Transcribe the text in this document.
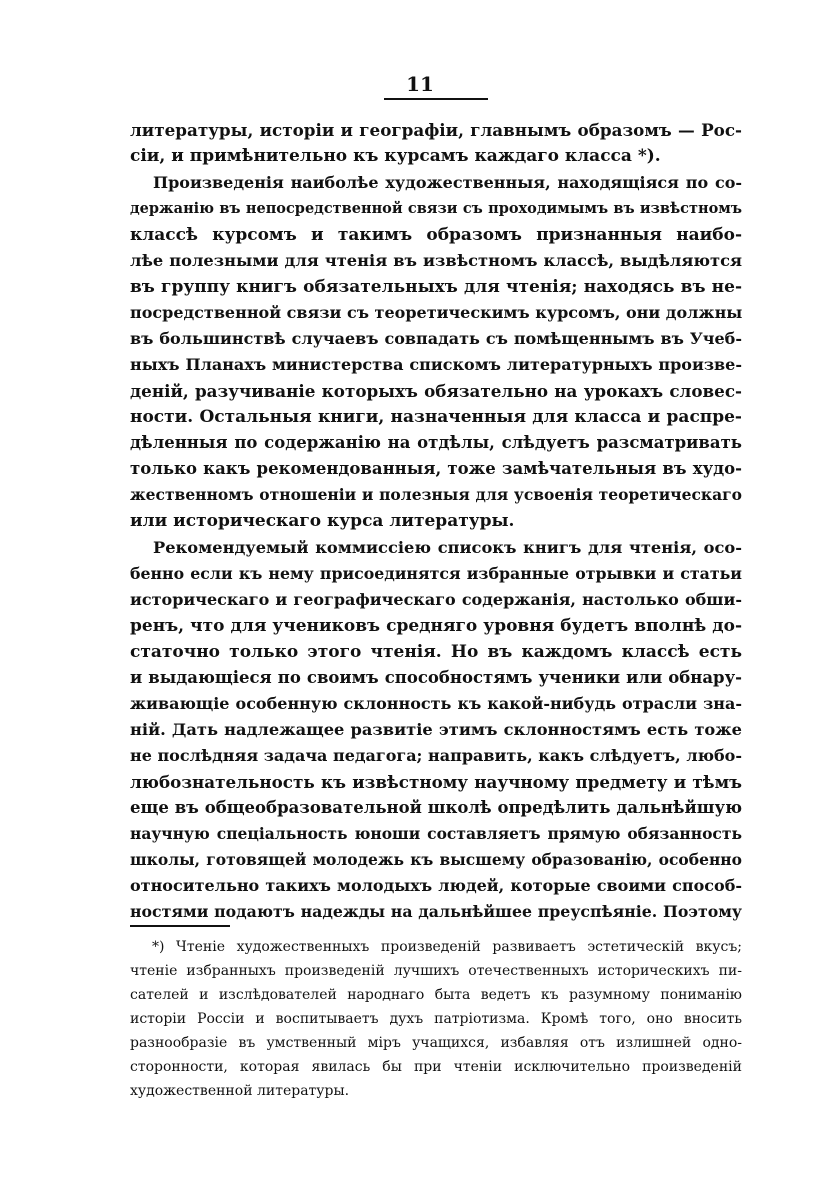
11
литературы, исторіи и географіи, главнымъ образомъ — Рос-
сіи, и примѣнительно къ курсамъ каждаго класса *).
Произведенія наиболѣе художественныя, находящіяся по со-
держанію въ непосредственной связи съ проходимымъ въ извѣстномъ
классѣ курсомъ и такимъ образомъ признанныя наибо-
лѣе полезными для чтенія въ извѣстномъ классѣ, выдѣляются
въ группу книгъ обязательныхъ для чтенія; находясь въ не-
посредственной связи съ теоретическимъ курсомъ, они должны
въ большинствѣ случаевъ совпадать съ помѣщеннымъ въ Учеб-
ныхъ Планахъ министерства спискомъ литературныхъ произве-
деній, разучиваніе которыхъ обязательно на урокахъ словес-
ности. Остальныя книги, назначенныя для класса и распре-
дѣленныя по содержанію на отдѣлы, слѣдуетъ разсматривать
только какъ рекомендованныя, тоже замѣчательныя въ худо-
жественномъ отношеніи и полезныя для усвоенія теоретическаго
или историческаго курса литературы.
Рекомендуемый коммиссіею списокъ книгъ для чтенія, осо-
бенно если къ нему присоединятся избранные отрывки и статьи
историческаго и географическаго содержанія, настолько обши-
ренъ, что для учениковъ средняго уровня будетъ вполнѣ до-
статочно только этого чтенія. Но въ каждомъ классѣ есть
и выдающіеся по своимъ способностямъ ученики или обнару-
живающіе особенную склонность къ какой-нибудь отрасли зна-
ній. Дать надлежащее развитіе этимъ склонностямъ есть тоже
не послѣдняя задача педагога; направить, какъ слѣдуетъ, любо-
любознательность къ извѣстному научному предмету и тѣмъ
еще въ общеобразовательной школѣ опредѣлить дальнѣйшую
научную спеціальность юноши составляетъ прямую обязанность
школы, готовящей молодежь къ высшему образованію, особенно
относительно такихъ молодыхъ людей, которые своими способ-
ностями подаютъ надежды на дальнѣйшее преуспѣяніе. Поэтому
*) Чтеніе художественныхъ произведеній развиваетъ эстетическій вкусъ;
чтеніе избранныхъ произведеній лучшихъ отечественныхъ историческихъ пи-
сателей и изслѣдователей народнаго быта ведетъ къ разумному пониманію
исторіи Россіи и воспитываетъ духъ патріотизма. Кромѣ того, оно вносить
разнообразіе въ умственный міръ учащихся, избавляя отъ излишней одно-
сторонности, которая явилась бы при чтеніи исключительно произведеній
художественной литературы.
